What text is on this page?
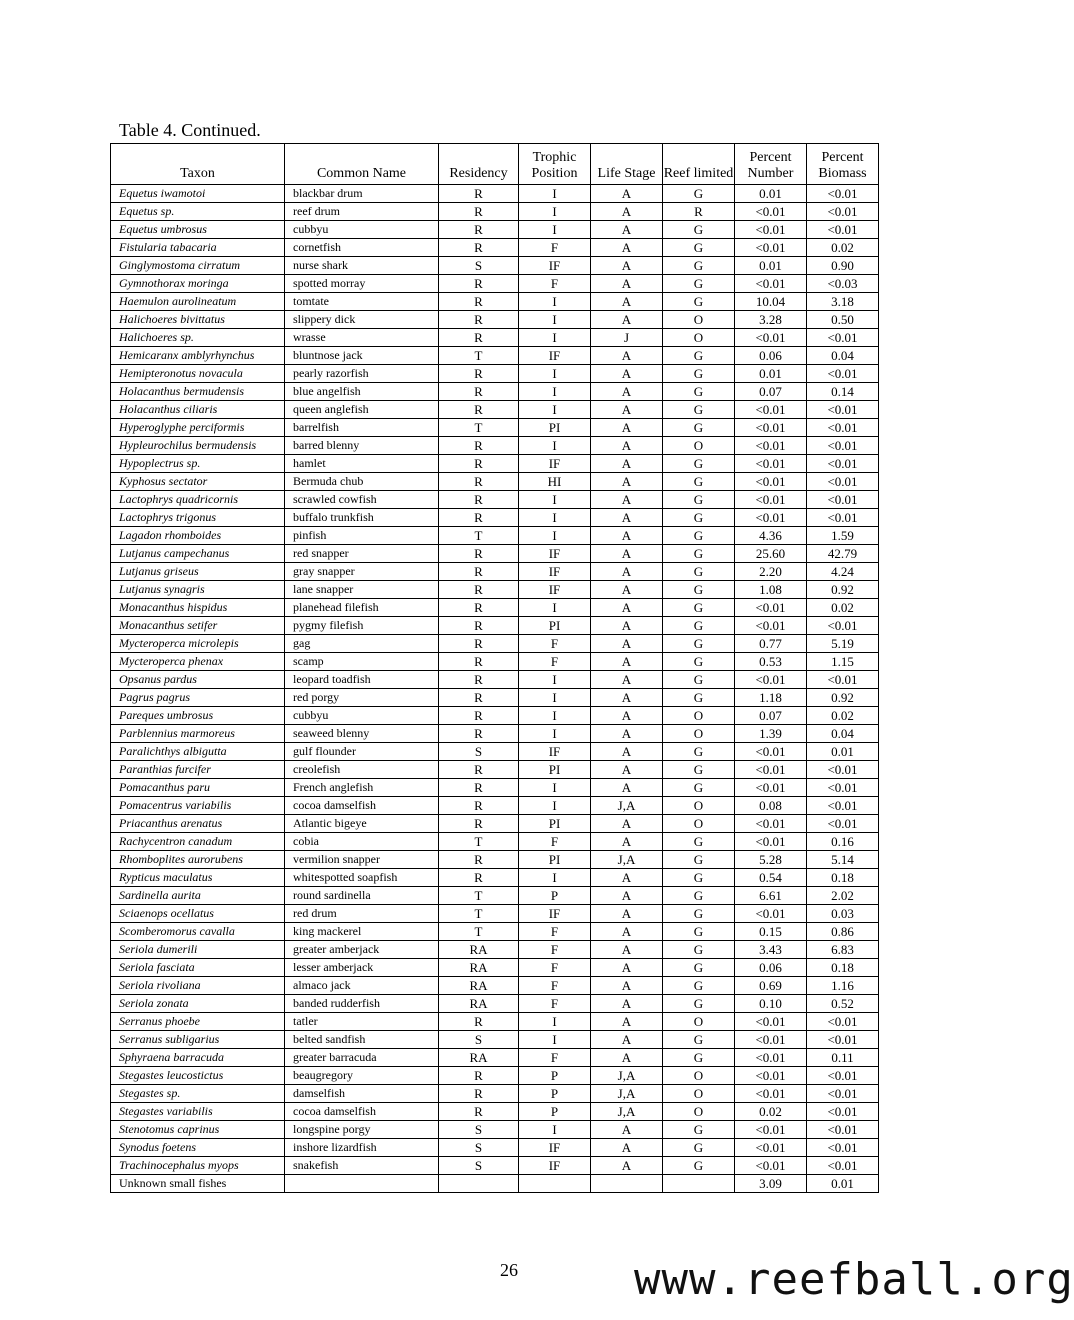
Table 4. Continued.
Taxon	Common Name	Residency	Trophic Position	Life Stage	Reef limited	Percent Number	Percent Biomass
Equetus iwamotoi	blackbar drum	R	I	A	G	0.01	<0.01
Equetus sp.	reef drum	R	I	A	R	<0.01	<0.01
Equetus umbrosus	cubbyu	R	I	A	G	<0.01	<0.01
Fistularia tabacaria	cornetfish	R	F	A	G	<0.01	0.02
Ginglymostoma cirratum	nurse shark	S	IF	A	G	0.01	0.90
Gymnothorax moringa	spotted morray	R	F	A	G	<0.01	<0.03
Haemulon aurolineatum	tomtate	R	I	A	G	10.04	3.18
Halichoeres bivittatus	slippery dick	R	I	A	O	3.28	0.50
Halichoeres sp.	wrasse	R	I	J	O	<0.01	<0.01
Hemicaranx amblyrhynchus	bluntnose jack	T	IF	A	G	0.06	0.04
Hemipteronotus novacula	pearly razorfish	R	I	A	G	0.01	<0.01
Holacanthus bermudensis	blue angelfish	R	I	A	G	0.07	0.14
Holacanthus ciliaris	queen anglefish	R	I	A	G	<0.01	<0.01
Hyperoglyphe perciformis	barrelfish	T	PI	A	G	<0.01	<0.01
Hypleurochilus bermudensis	barred blenny	R	I	A	O	<0.01	<0.01
Hypoplectrus sp.	hamlet	R	IF	A	G	<0.01	<0.01
Kyphosus sectator	Bermuda chub	R	HI	A	G	<0.01	<0.01
Lactophrys quadricornis	scrawled cowfish	R	I	A	G	<0.01	<0.01
Lactophrys trigonus	buffalo trunkfish	R	I	A	G	<0.01	<0.01
Lagadon rhomboides	pinfish	T	I	A	G	4.36	1.59
Lutjanus campechanus	red snapper	R	IF	A	G	25.60	42.79
Lutjanus griseus	gray snapper	R	IF	A	G	2.20	4.24
Lutjanus synagris	lane snapper	R	IF	A	G	1.08	0.92
Monacanthus hispidus	planehead filefish	R	I	A	G	<0.01	0.02
Monacanthus setifer	pygmy filefish	R	PI	A	G	<0.01	<0.01
Mycteroperca microlepis	gag	R	F	A	G	0.77	5.19
Mycteroperca phenax	scamp	R	F	A	G	0.53	1.15
Opsanus pardus	leopard toadfish	R	I	A	G	<0.01	<0.01
Pagrus pagrus	red porgy	R	I	A	G	1.18	0.92
Pareques umbrosus	cubbyu	R	I	A	O	0.07	0.02
Parblennius marmoreus	seaweed blenny	R	I	A	O	1.39	0.04
Paralichthys albigutta	gulf flounder	S	IF	A	G	<0.01	0.01
Paranthias furcifer	creolefish	R	PI	A	G	<0.01	<0.01
Pomacanthus paru	French anglefish	R	I	A	G	<0.01	<0.01
Pomacentrus variabilis	cocoa damselfish	R	I	J,A	O	0.08	<0.01
Priacanthus arenatus	Atlantic bigeye	R	PI	A	O	<0.01	<0.01
Rachycentron canadum	cobia	T	F	A	G	<0.01	0.16
Rhomboplites aurorubens	vermilion snapper	R	PI	J,A	G	5.28	5.14
Rypticus maculatus	whitespotted soapfish	R	I	A	G	0.54	0.18
Sardinella aurita	round sardinella	T	P	A	G	6.61	2.02
Sciaenops ocellatus	red drum	T	IF	A	G	<0.01	0.03
Scomberomorus cavalla	king mackerel	T	F	A	G	0.15	0.86
Seriola dumerili	greater amberjack	RA	F	A	G	3.43	6.83
Seriola fasciata	lesser amberjack	RA	F	A	G	0.06	0.18
Seriola rivoliana	almaco jack	RA	F	A	G	0.69	1.16
Seriola zonata	banded rudderfish	RA	F	A	G	0.10	0.52
Serranus phoebe	tatler	R	I	A	O	<0.01	<0.01
Serranus subligarius	belted sandfish	S	I	A	G	<0.01	<0.01
Sphyraena barracuda	greater barracuda	RA	F	A	G	<0.01	0.11
Stegastes leucostictus	beaugregory	R	P	J,A	O	<0.01	<0.01
Stegastes sp.	damselfish	R	P	J,A	O	<0.01	<0.01
Stegastes variabilis	cocoa damselfish	R	P	J,A	O	0.02	<0.01
Stenotomus caprinus	longspine porgy	S	I	A	G	<0.01	<0.01
Synodus foetens	inshore lizardfish	S	IF	A	G	<0.01	<0.01
Trachinocephalus myops	snakefish	S	IF	A	G	<0.01	<0.01
Unknown small fishes						3.09	0.01
26	www.reefball.org
